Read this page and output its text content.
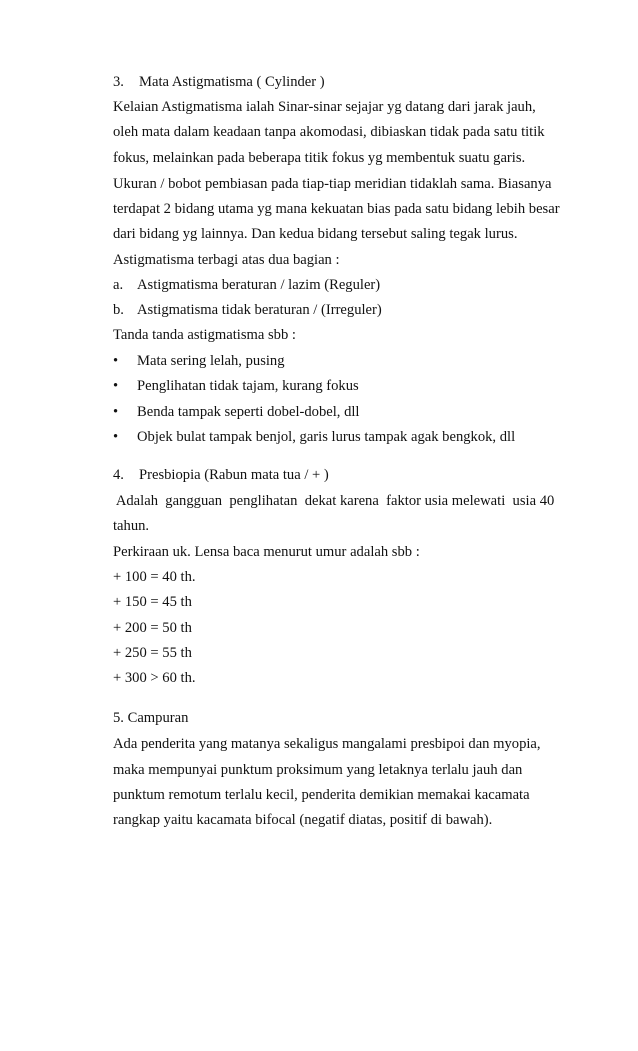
3. Mata Astigmatisma ( Cylinder )
Kelaian Astigmatisma ialah Sinar-sinar sejajar yg datang dari jarak jauh,
oleh mata dalam keadaan tanpa akomodasi, dibiaskan tidak pada satu titik
fokus, melainkan pada beberapa titik fokus yg membentuk suatu garis.
Ukuran / bobot pembiasan pada tiap-tiap meridian tidaklah sama. Biasanya
terdapat 2 bidang utama yg mana kekuatan bias pada satu bidang lebih besar
dari bidang yg lainnya. Dan kedua bidang tersebut saling tegak lurus.
Astigmatisma terbagi atas dua bagian :
a. Astigmatisma beraturan / lazim (Reguler)
b. Astigmatisma tidak beraturan / (Irreguler)
Tanda tanda astigmatisma sbb :
• Mata sering lelah, pusing
• Penglihatan tidak tajam, kurang fokus
• Benda tampak seperti dobel-dobel, dll
• Objek bulat tampak benjol, garis lurus tampak agak bengkok, dll
4. Presbiopia (Rabun mata tua / + )
Adalah  gangguan  penglihatan  dekat karena  faktor usia melewati  usia 40
tahun.
Perkiraan uk. Lensa baca menurut umur adalah sbb :
+ 100 = 40 th.
+ 150 = 45 th
+ 200 = 50 th
+ 250 = 55 th
+ 300 > 60 th.
5. Campuran
Ada penderita yang matanya sekaligus mangalami presbipoi dan myopia,
maka mempunyai punktum proksimum yang letaknya terlalu jauh dan
punktum remotum terlalu kecil, penderita demikian memakai kacamata
rangkap yaitu kacamata bifocal (negatif diatas, positif di bawah).
